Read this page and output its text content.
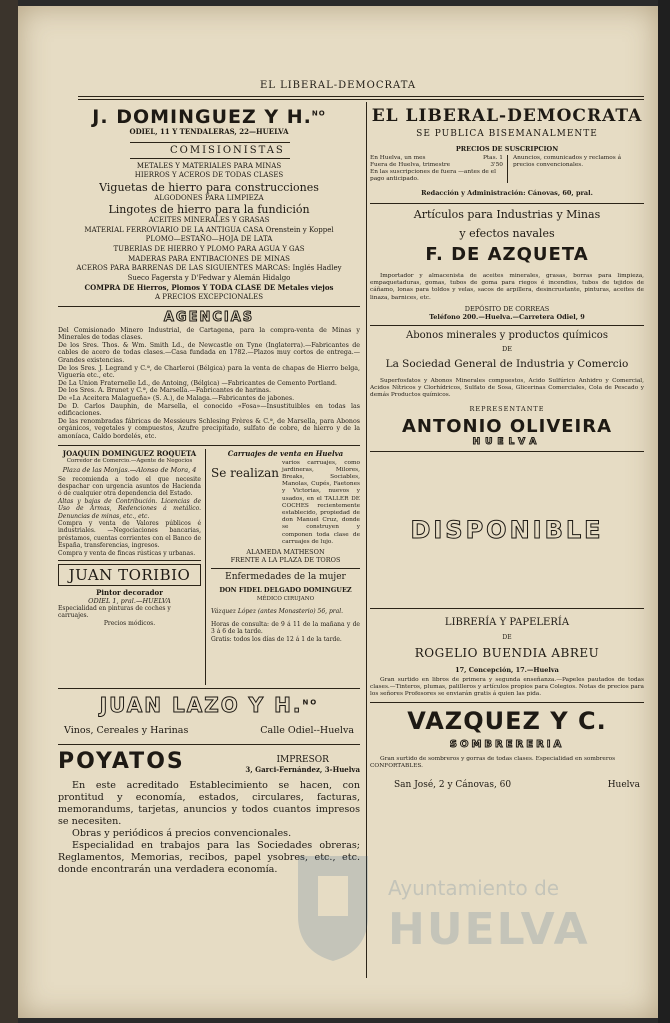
EL LIBERAL-DEMOCRATA
J. DOMINGUEZ Y H.$^{NO}$
ODIEL, 11 Y TENDALERAS, 22—HUELVA
COMISIONISTAS
METALES Y MATERIALES PARA MINAS
HIERROS Y ACEROS DE TODAS CLASES
Viguetas de hierro para construcciones
ALGODONES PARA LIMPIEZA
Lingotes de hierro para la fundición
ACEITES MINERALES Y GRASAS
MATERIAL FERROVIARIO DE LA ANTIGUA CASA Orenstein y Koppel
PLOMO—ESTAÑO—HOJA DE LATA
TUBERIAS DE HIERRO Y PLOMO PARA AGUA Y GAS
MADERAS PARA ENTIBACIONES DE MINAS
ACEROS PARA BARRENAS DE LAS SIGUIENTES MARCAS: Inglés Hadley
Sueco Fagersta y D'Fedwar y Alemán Hidalgo
COMPRA DE Hierros, Plomos Y TODA CLASE DE Metales viejos
A PRECIOS EXCEPCIONALES
AGENCIAS
Del Comisionado Minero Industrial, de Cartagena, para la compra-venta de Minas y Minerales de todas clases.
De los Sres. Thos. & Wm. Smith Ld., de Newcastle on Tyne (Inglaterra).—Fabricantes de cables de acero de todas clases.—Casa fundada en 1782.—Plazos muy cortos de entrega.—Grandes existencias.
De los Sres. J. Legrand y C.ª, de Charleroi (Bélgica) para la venta de chapas de Hierro belga, Viguería etc., etc.
De La Union Fraternelle Ld., de Antoing, (Bélgica) —Fabricantes de Cemento Portland.
De los Sres. A. Brunet y C.ª, de Marsella.—Fabricantes de harinas.
De «La Aceitera Malagueña» (S. A.), de Malaga.—Fabricantes de jabones.
De D. Carlos Dauphin, de Marsella, el conocido «Fosa»—Insustituibles en todas las edificaciones.
De las renombradas fábricas de Messieurs Schlesing Frères & C.ª, de Marsella, para Abonos orgánicos, vegetales y compuestos, Azufre precipitado, sulfato de cobre, de hierro y de la amoníaca, Caldo bordelés, etc.
JOAQUIN DOMINGUEZ ROQUETA
Corredor de Comercio.—Agente de Negocios
Plaza de las Monjas.—Alonso de Mora, 4
Se recomienda a todo el que necesite despachar con urgencia asuntos de Hacienda ó de cualquier otra dependencia del Estado.
Altas y bajas de Contribución. Licencias de Uso de Armas, Redenciones á metálico. Denuncias de minas, etc., etc.
Compra y venta de Valores públicos é industriales. —Negociaciones bancarias, préstamos, cuentas corrientes con el Banco de España, transferencias, ingresos.
Compra y venta de fincas rústicas y urbanas.
JUAN TORIBIO
Pintor decorador
ODIEL 1, pral.—HUELVA
Especialidad en pinturas de coches y carruajes.
Precios módicos.
Carruajes de venta en Huelva
Se realizan
varios carruajes, como jardineras, Milores, Breaks, Sociables, Manolas, Cupés, Faetones y Victorias, nuevos y usados, en el TALLER DE COCHES recientemente establecido, propiedad de don Manuel Cruz, donde se construyen y componen toda clase de carruajes de lujo.
ALAMEDA MATHESON
FRENTE A LA PLAZA DE TOROS
Enfermedades de la mujer
DON FIDEL DELGADO DOMINGUEZ
MÉDICO CIRUJANO
Vázquez López (antes Monasterio) 56, pral.
Horas de consulta: de 9 á 11 de la mañana y de 3 á 6 de la tarde.
Gratis: todos los días de 12 á 1 de la tarde.
JUAN LAZO Y H.$^{NO}$
Vinos, Cereales y Harinas	Calle Odiel--Huelva
POYATOS	IMPRESOR
3, Garci-Fernández, 3-Huelva
En este acreditado Establecimiento se hacen, con prontitud y economía, estados, circulares, facturas, memorandums, tarjetas, anuncios y todos cuantos impresos se necesiten.
Obras y periódicos á precios convencionales.
Especialidad en trabajos para las Sociedades obreras; Reglamentos, Memorias, recibos, papel ysobres, etc., etc. donde encontrarán una verdadera economía.
EL LIBERAL-DEMOCRATA
SE PUBLICA BISEMANALMENTE
PRECIOS DE SUSCRIPCION
En Huelva, un mes	Ptas. 1
Fuera de Huelva, trimestre	3'50
En las suscripciones de fuera —antes de el pago anticipado.
Anuncios, comunicados y reclamos á precios convencionales.
Redacción y Administración: Cánovas, 60, pral.
Artículos para Industrias y Minas
y efectos navales
F. DE AZQUETA
Importador y almacenista de aceites minerales, grasas, borras para limpieza, empaquetaduras, gomas, tubos de goma para riegos é incendios, tubos de tejidos de cáñamo, lonas para toldos y velas, sacos de arpillera, desincrustante, pinturas, aceites de linaza, barnices, etc.
DEPÓSITO DE CORREAS
Teléfono 200.—Huelva.—Carretera Odiel, 9
Abonos minerales y productos químicos
DE
La Sociedad General de Industria y Comercio
Superfosfatos y Abonos Minerales compuestos, Acido Sulfúrico Anhidro y Comercial, Acidos Nítricos y Clorhídricos, Sulfato de Sosa, Glicerinas Comerciales, Cola de Pescado y demás Productos químicos.
REPRESENTANTE
ANTONIO OLIVEIRA
HUELVA
DISPONIBLE
LIBRERÍA Y PAPELERÍA
DE
ROGELIO BUENDIA ABREU
17, Concepción, 17.—Huelva
Gran surtido en libros de primera y segunda enseñanza.—Papeles pautados de todas clases.—Tinteros, plumas, palilleros y artículos propios para Colegios. Notas de precios para los señores Profesores se enviarán gratis á quien las pida.
VAZQUEZ Y C.
SOMBRERERIA
Gran surtido de sombreros y gorras de todas clases. Especialidad en sombreros CONFORTABLES.
San José, 2 y Cánovas, 60	Huelva
Ayuntamiento de
HUELVA
